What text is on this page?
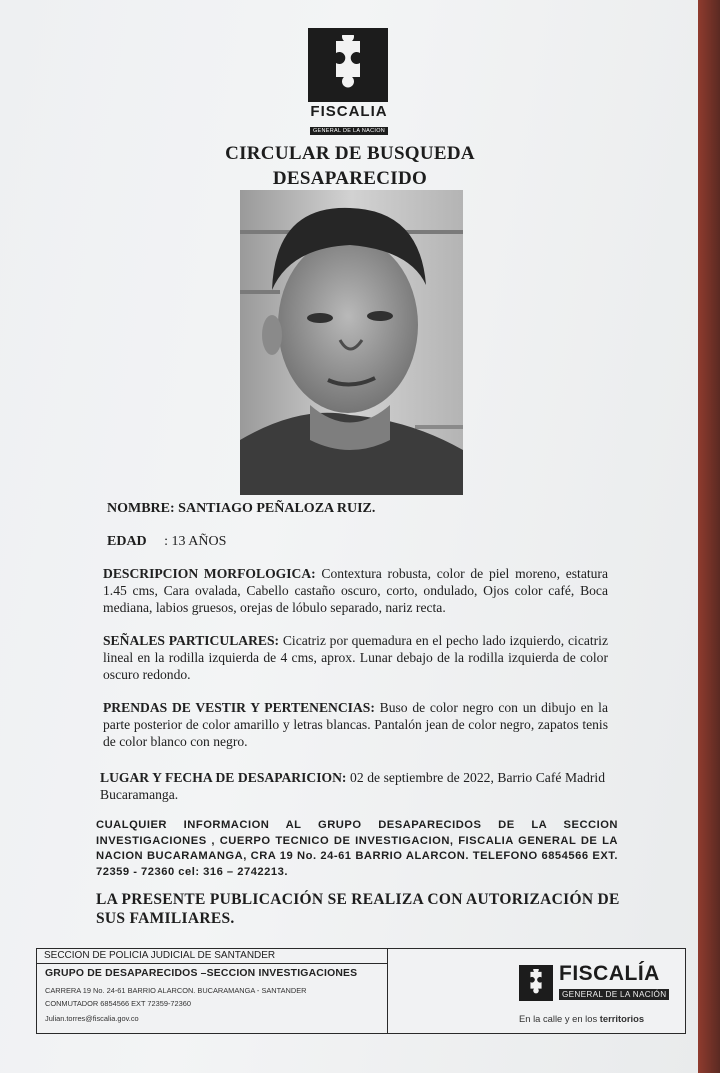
FISCALIA
GENERAL DE LA NACION
CIRCULAR DE BUSQUEDA
DESAPARECIDO
NOMBRE: SANTIAGO PEÑALOZA RUIZ.
EDAD : 13 AÑOS
DESCRIPCION MORFOLOGICA: Contextura robusta, color de piel moreno, estatura 1.45 cms, Cara ovalada, Cabello castaño oscuro, corto, ondulado, Ojos color café, Boca mediana, labios gruesos, orejas de lóbulo separado, nariz recta.
SEÑALES PARTICULARES: Cicatriz por quemadura en el pecho lado izquierdo, cicatriz lineal en la rodilla izquierda de 4 cms, aprox. Lunar debajo de la rodilla izquierda de color oscuro redondo.
PRENDAS DE VESTIR Y PERTENENCIAS: Buso de color negro con un dibujo en la parte posterior de color amarillo y letras blancas. Pantalón jean de color negro, zapatos tenis de color blanco con negro.
LUGAR Y FECHA DE DESAPARICION: 02 de septiembre de 2022, Barrio Café Madrid Bucaramanga.
CUALQUIER INFORMACION AL GRUPO DESAPARECIDOS DE LA SECCION INVESTIGACIONES , CUERPO TECNICO DE INVESTIGACION, FISCALIA GENERAL DE LA NACION BUCARAMANGA, CRA 19 No. 24-61 BARRIO ALARCON. TELEFONO 6854566 EXT. 72359 - 72360 cel: 316 – 2742213.
LA PRESENTE PUBLICACIÓN SE REALIZA CON AUTORIZACIÓN DE SUS FAMILIARES.
SECCION DE POLICIA JUDICIAL DE SANTANDER
GRUPO DE DESAPARECIDOS –SECCION INVESTIGACIONES
CARRERA 19 No. 24-61 BARRIO ALARCON. BUCARAMANGA - SANTANDER
CONMUTADOR 6854566 EXT 72359-72360
Julian.torres@fiscalia.gov.co
FISCALÍA
GENERAL DE LA NACIÓN
En la calle y en los territorios
